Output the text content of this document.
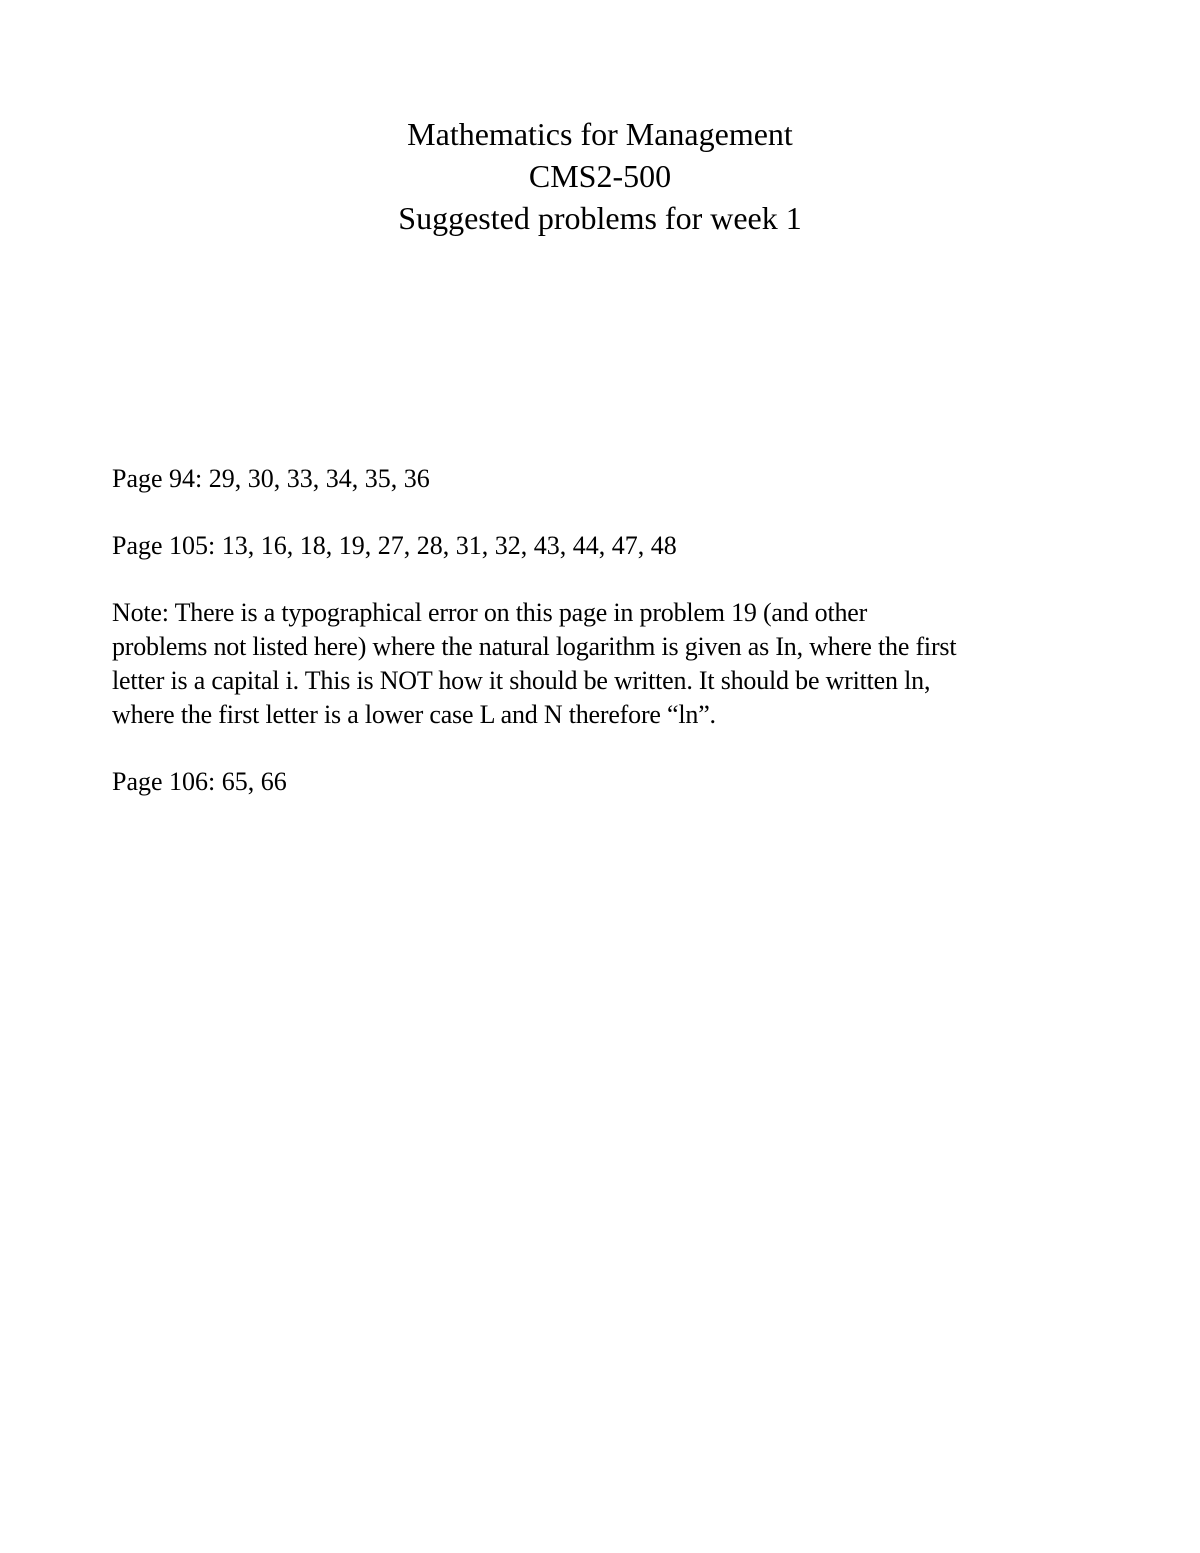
Mathematics for Management
CMS2-500
Suggested problems for week 1

Page 94: 29, 30, 33, 34, 35, 36

Page 105: 13, 16, 18, 19, 27, 28, 31, 32, 43, 44, 47, 48

Note: There is a typographical error on this page in problem 19 (and other
problems not listed here) where the natural logarithm is given as In, where the first
letter is a capital i. This is NOT how it should be written. It should be written ln,
where the first letter is a lower case L and N therefore “ln”.

Page 106: 65, 66
